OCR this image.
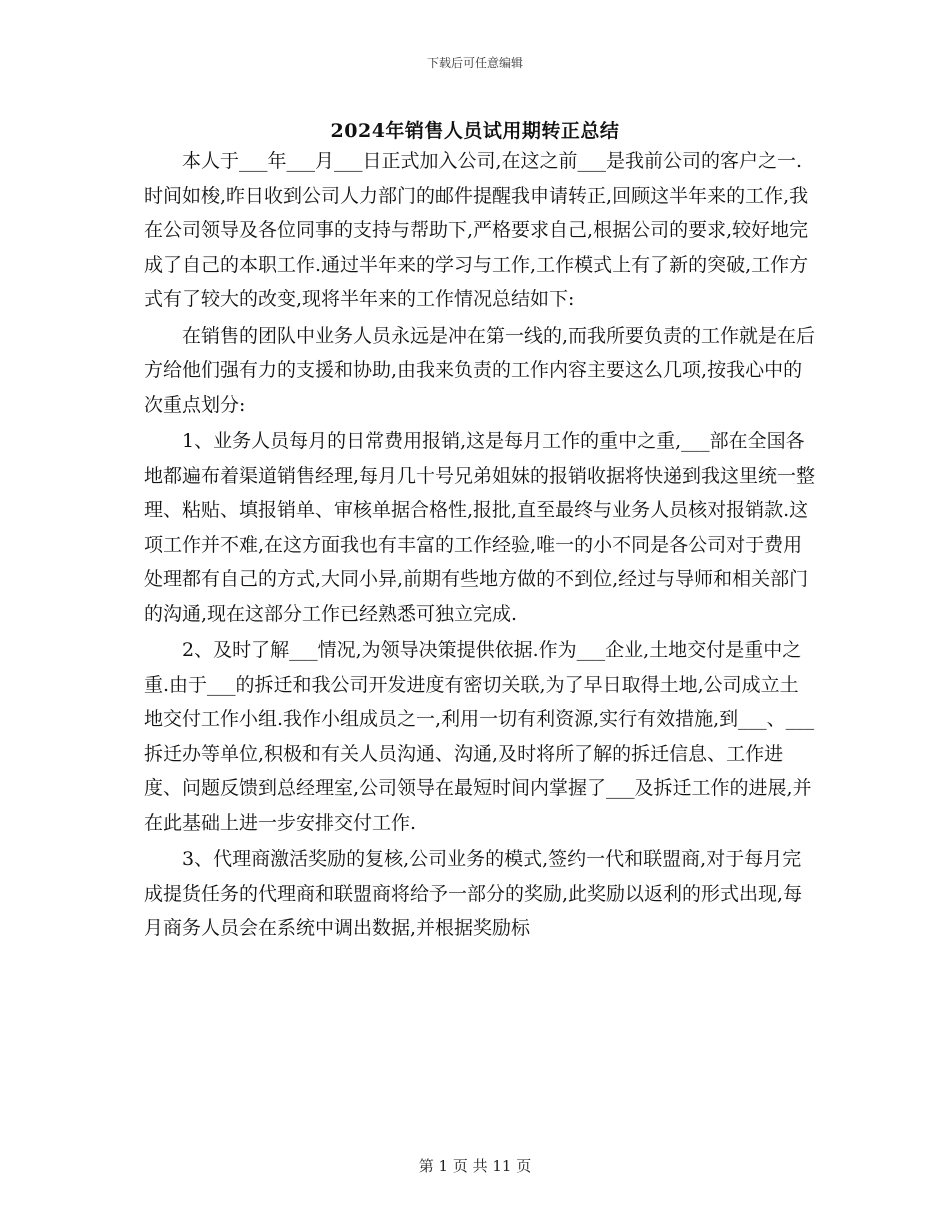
下载后可任意编辑
2024年销售人员试用期转正总结

本人于___年___月___日正式加入公司,在这之前___是我前公司的客户之一.时间如梭,昨日收到公司人力部门的邮件提醒我申请转正,回顾这半年来的工作,我在公司领导及各位同事的支持与帮助下,严格要求自己,根据公司的要求,较好地完成了自己的本职工作.通过半年来的学习与工作,工作模式上有了新的突破,工作方式有了较大的改变,现将半年来的工作情况总结如下:

在销售的团队中业务人员永远是冲在第一线的,而我所要负责的工作就是在后方给他们强有力的支援和协助,由我来负责的工作内容主要这么几项,按我心中的次重点划分:

1、业务人员每月的日常费用报销,这是每月工作的重中之重,___部在全国各地都遍布着渠道销售经理,每月几十号兄弟姐妹的报销收据将快递到我这里统一整理、粘贴、填报销单、审核单据合格性,报批,直至最终与业务人员核对报销款.这项工作并不难,在这方面我也有丰富的工作经验,唯一的小不同是各公司对于费用处理都有自己的方式,大同小异,前期有些地方做的不到位,经过与导师和相关部门的沟通,现在这部分工作已经熟悉可独立完成.

2、及时了解___情况,为领导决策提供依据.作为___企业,土地交付是重中之重.由于___的拆迁和我公司开发进度有密切关联,为了早日取得土地,公司成立土地交付工作小组.我作小组成员之一,利用一切有利资源,实行有效措施,到___、___拆迁办等单位,积极和有关人员沟通、沟通,及时将所了解的拆迁信息、工作进度、问题反馈到总经理室,公司领导在最短时间内掌握了___及拆迁工作的进展,并在此基础上进一步安排交付工作.

3、代理商激活奖励的复核,公司业务的模式,签约一代和联盟商,对于每月完成提货任务的代理商和联盟商将给予一部分的奖励,此奖励以返利的形式出现,每月商务人员会在系统中调出数据,并根据奖励标

第 1 页 共 11 页
